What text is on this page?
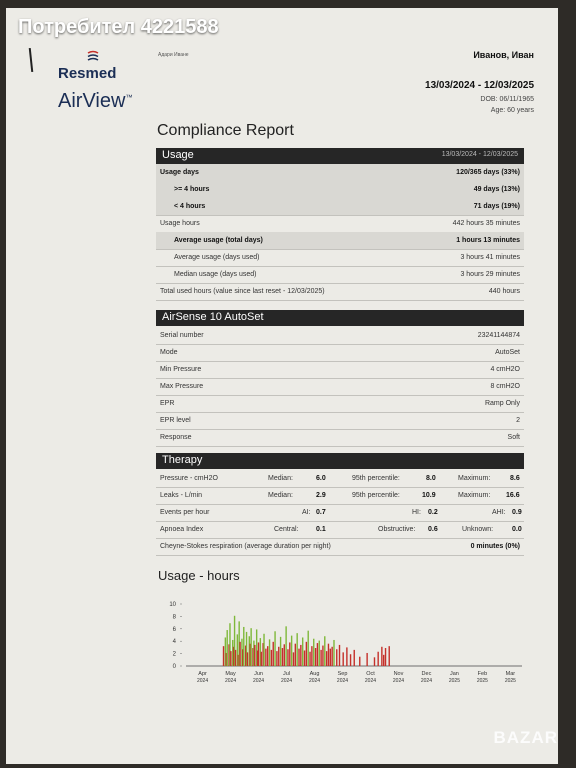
Потребител 4221588
Resmed
AirView™
Адари Иване	Иванов, Иван
13/03/2024 - 12/03/2025
DOB: 06/11/1965
Age: 60 years
Compliance Report
Usage	13/03/2024 - 12/03/2025
Usage days	120/365 days (33%)
>= 4 hours	49 days (13%)
< 4 hours	71 days (19%)
Usage hours	442 hours 35 minutes
Average usage (total days)	1 hours 13 minutes
Average usage (days used)	3 hours 41 minutes
Median usage (days used)	3 hours 29 minutes
Total used hours (value since last reset - 12/03/2025)	440 hours
AirSense 10 AutoSet
Serial number	23241144874
Mode	AutoSet
Min Pressure	4 cmH2O
Max Pressure	8 cmH2O
EPR	Ramp Only
EPR level	2
Response	Soft
Therapy
Pressure - cmH2O	Median:	6.0	95th percentile:	8.0	Maximum:	8.6
Leaks - L/min	Median:	2.9	95th percentile:	10.9	Maximum: 16.6
Events per hour	AI: 0.7	HI: 0.2	AHI: 0.9
Apnoea Index	Central: 0.1	Obstructive: 0.6	Unknown:	0.0
Cheyne-Stokes respiration (average duration per night)	0 minutes (0%)
Usage - hours
0
2
4
6
8
10
Apr
2024
May
2024
Jun
2024
Jul
2024
Aug
2024
Sep
2024
Oct
2024
Nov
2024
Dec
2024
Jan
2025
Feb
2025
Mar
2025
BAZAR
